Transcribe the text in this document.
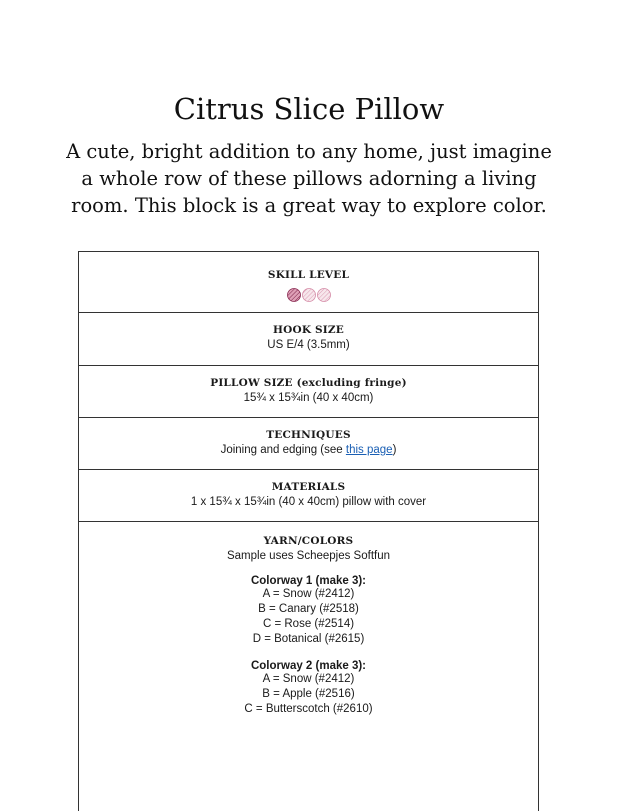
Citrus Slice Pillow

A cute, bright addition to any home, just imagine a whole row of these pillows adorning a living room. This block is a great way to explore color.

SKILL LEVEL
HOOK SIZE
US E/4 (3.5mm)
PILLOW SIZE (excluding fringe)
15¾ x 15¾in (40 x 40cm)
TECHNIQUES
Joining and edging (see this page)
MATERIALS
1 x 15¾ x 15¾in (40 x 40cm) pillow with cover
YARN/COLORS
Sample uses Scheepjes Softfun
Colorway 1 (make 3):
A = Snow (#2412)
B = Canary (#2518)
C = Rose (#2514)
D = Botanical (#2615)
Colorway 2 (make 3):
A = Snow (#2412)
B = Apple (#2516)
C = Butterscotch (#2610)
